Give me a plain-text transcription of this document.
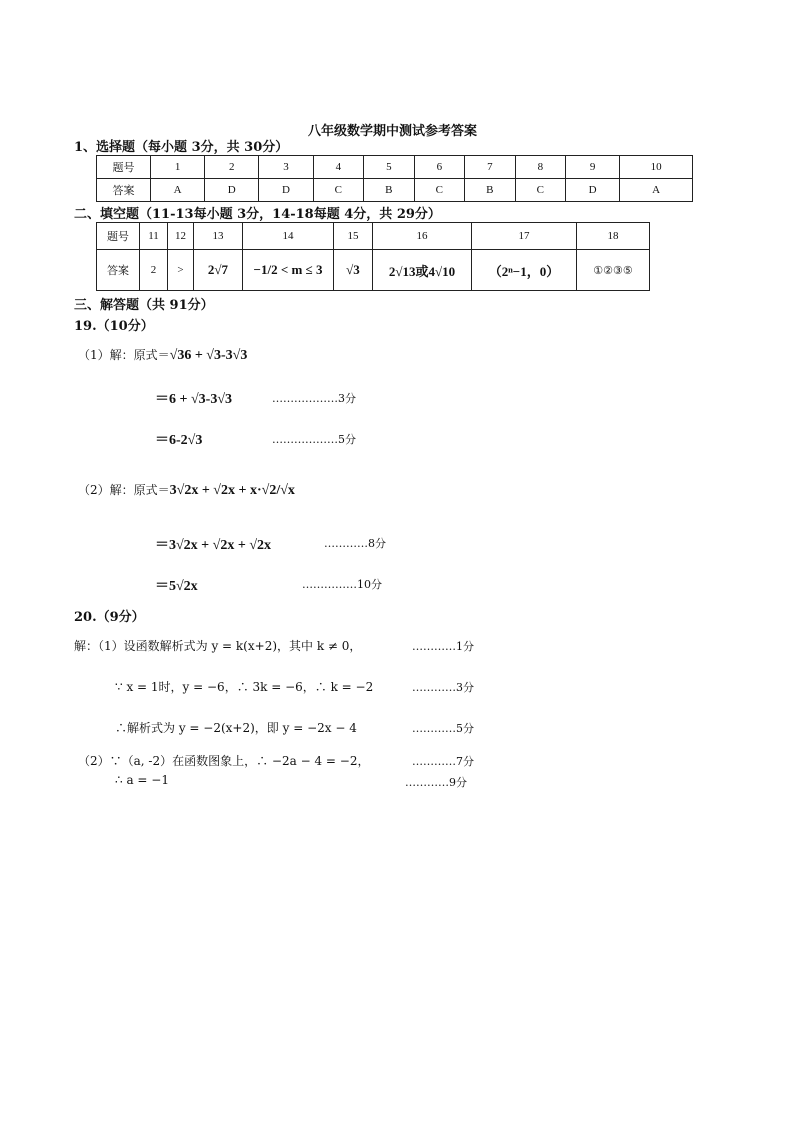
八年级数学期中测试参考答案
1、选择题（每小题 3分，共 30分）
题号	1	2	3	4	5	6	7	8	9	10
答案	A	D	D	C	B	C	B	C	D	A
二、填空题（11-13每小题 3分，14-18每题 4分，共 29分）
题号	11	12	13	14	15	16	17	18
答案	2	>	2√7	−1/2 < m ≤ 3	√3	2√13或4√10	（2ⁿ−1，0）	①②③⑤
三、解答题（共 91分）
19.（10分）
（1）解：原式＝√36 + √3-3√3
＝6 + √3-3√3	………………3分
＝6-2√3	………………5分
（2）解：原式＝3√2x + √2x + x·√2/√x
＝3√2x + √2x + √2x	…………8分
＝5√2x	……………10分
20.（9分）
解：（1）设函数解析式为 y = k(x+2)，其中 k ≠ 0，	…………1分
∵ x = 1时，y = −6，∴ 3k = −6，∴ k = −2	…………3分
∴解析式为 y = −2(x+2)，即 y = −2x − 4	…………5分
（2）∵（a, -2）在函数图象上，∴ −2a − 4 = −2，	…………7分
∴ a = −1	…………9分
